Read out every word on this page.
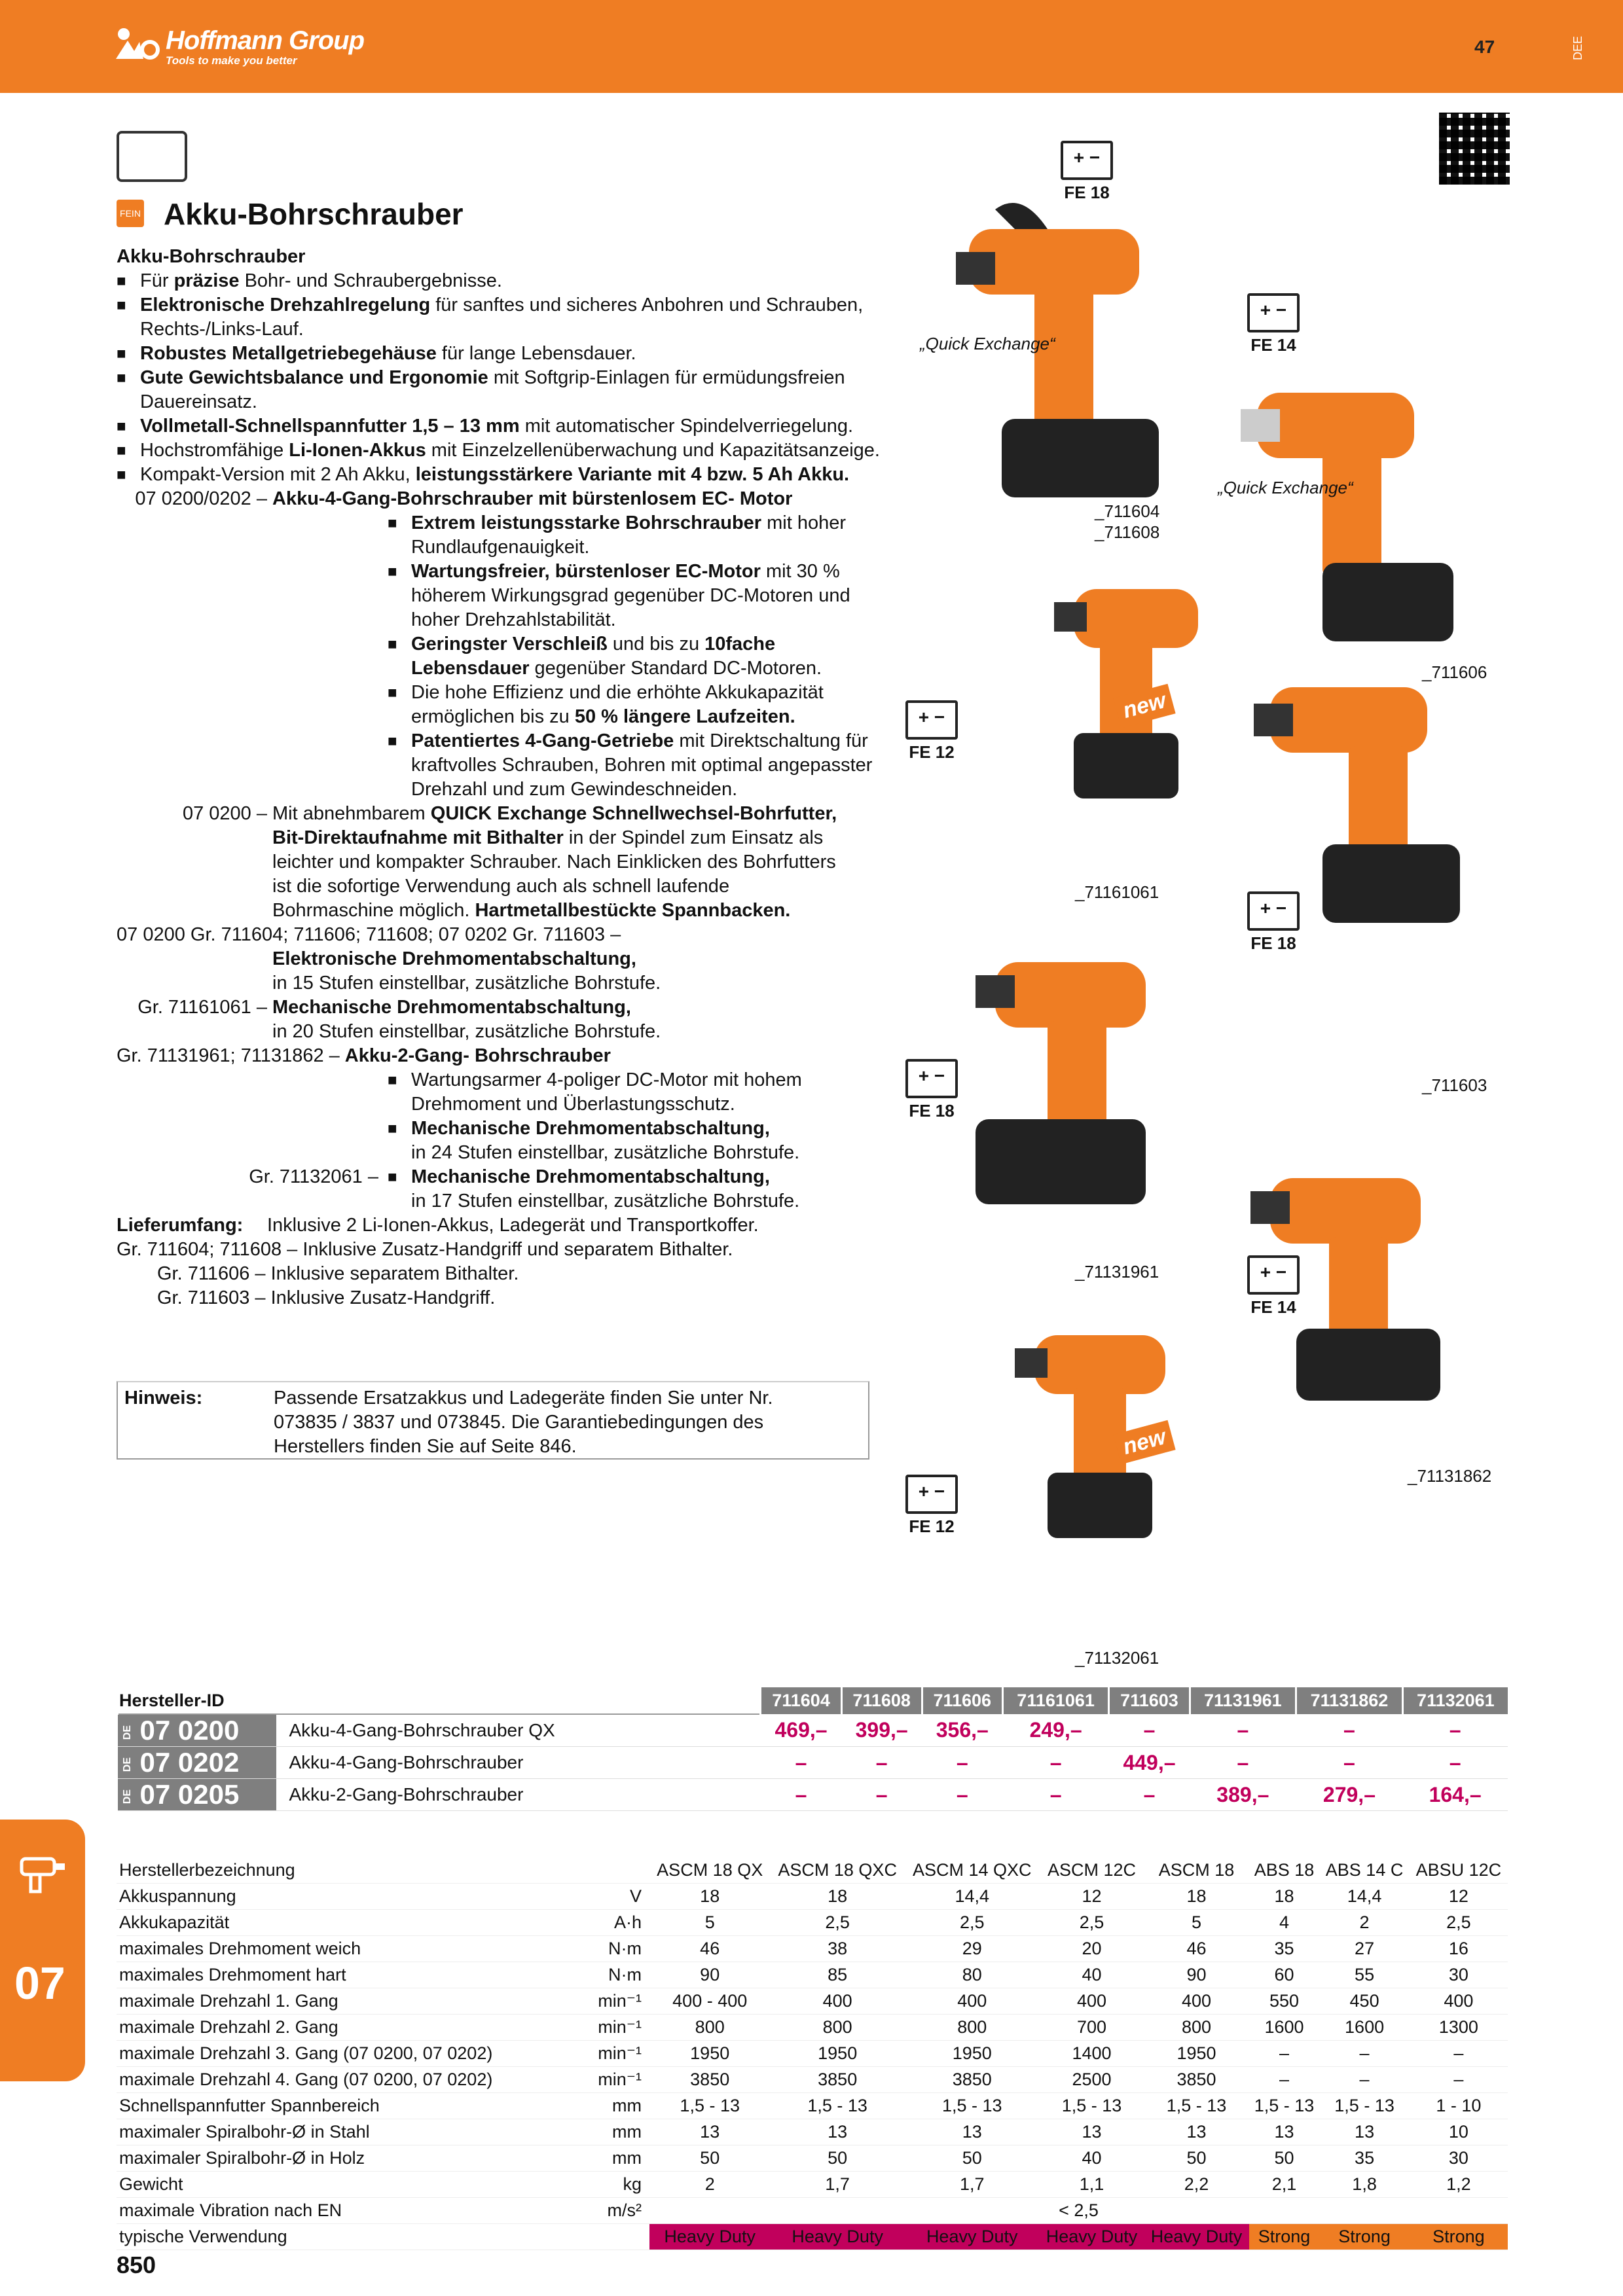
Hoffmann Group
Tools to make you better
47	DEE
07
FEIN Akku-Bohrschrauber
Akku-Bohrschrauber
■ Für präzise Bohr- und Schraubergebnisse.
■ Elektronische Drehzahlregelung für sanftes und sicheres Anbohren und Schrauben, Rechts-/Links-Lauf.
■ Robustes Metallgetriebegehäuse für lange Lebensdauer.
■ Gute Gewichtsbalance und Ergonomie mit Softgrip-Einlagen für ermüdungsfreien Dauereinsatz.
■ Vollmetall-Schnellspannfutter 1,5 – 13 mm mit automatischer Spindelverriegelung.
■ Hochstromfähige Li-Ionen-Akkus mit Einzelzellenüberwachung und Kapazitätsanzeige.
■ Kompakt-Version mit 2 Ah Akku, leistungsstärkere Variante mit 4 bzw. 5 Ah Akku.
07 0200/0202 – Akku-4-Gang-Bohrschrauber mit bürstenlosem EC- Motor
■ Extrem leistungsstarke Bohrschrauber mit hoher Rundlaufgenauigkeit.
■ Wartungsfreier, bürstenloser EC-Motor mit 30 % höherem Wirkungsgrad gegenüber DC-Motoren und hoher Drehzahlstabilität.
■ Geringster Verschleiß und bis zu 10fache Lebensdauer gegenüber Standard DC-Motoren.
■ Die hohe Effizienz und die erhöhte Akkukapazität ermöglichen bis zu 50 % längere Laufzeiten.
■ Patentiertes 4-Gang-Getriebe mit Direktschaltung für kraftvolles Schrauben, Bohren mit optimal angepasster Drehzahl und zum Gewindeschneiden.
07 0200 – Mit abnehmbarem QUICK Exchange Schnellwechsel-Bohrfutter, Bit-Direktaufnahme mit Bithalter in der Spindel zum Einsatz als leichter und kompakter Schrauber. Nach Einklicken des Bohrfutters ist die sofortige Verwendung auch als schnell laufende Bohrmaschine möglich. Hartmetallbestückte Spannbacken.
07 0200 Gr. 711604; 711606; 711608; 07 0202 Gr. 711603 –
Elektronische Drehmomentabschaltung,
in 15 Stufen einstellbar, zusätzliche Bohrstufe.
Gr. 71161061 – Mechanische Drehmomentabschaltung,
in 20 Stufen einstellbar, zusätzliche Bohrstufe.
Gr. 71131961; 71131862 – Akku-2-Gang- Bohrschrauber
■ Wartungsarmer 4-poliger DC-Motor mit hohem Drehmoment und Überlastungsschutz.
■ Mechanische Drehmomentabschaltung,
in 24 Stufen einstellbar, zusätzliche Bohrstufe.
Gr. 71132061 –	■ Mechanische Drehmomentabschaltung,
in 17 Stufen einstellbar, zusätzliche Bohrstufe.
Lieferumfang:	Inklusive 2 Li-Ionen-Akkus, Ladegerät und Transportkoffer.
Gr. 711604; 711608 – Inklusive Zusatz-Handgriff und separatem Bithalter.
Gr. 711606 – Inklusive separatem Bithalter.
Gr. 711603 – Inklusive Zusatz-Handgriff.
Hinweis:	Passende Ersatzakkus und Ladegeräte finden Sie unter Nr. 073835 / 3837 und 073845. Die Garantiebedingungen des Herstellers finden Sie auf Seite 846.
+ −
FE 18
+ −
FE 14
+ −
FE 12
+ −
FE 18
+ −
FE 18
+ −
FE 14
+ −
FE 12
„Quick Exchange“
„Quick Exchange“
new
new
_711604
_711608
_711606
_71161061
_711603
_71131961
_71131862
_71132061
Hersteller-ID		711604	711608	711606	71161061	711603	71131961	71131862	71132061
DE 07 0200	Akku-4-Gang-Bohrschrauber QX	469,–	399,–	356,–	249,–	–	–	–	–
DE 07 0202	Akku-4-Gang-Bohrschrauber	–	–	–	–	449,–	–	–	–
DE 07 0205	Akku-2-Gang-Bohrschrauber	–	–	–	–	–	389,–	279,–	164,–
Herstellerbezeichnung		ASCM 18 QX	ASCM 18 QXC	ASCM 14 QXC	ASCM 12C	ASCM 18	ABS 18	ABS 14 C	ABSU 12C
Akkuspannung	V	18	18	14,4	12	18	18	14,4	12
Akkukapazität	A·h	5	2,5	2,5	2,5	5	4	2	2,5
maximales Drehmoment weich	N·m	46	38	29	20	46	35	27	16
maximales Drehmoment hart	N·m	90	85	80	40	90	60	55	30
maximale Drehzahl 1. Gang	min⁻¹	400 - 400	400	400	400	400	550	450	400
maximale Drehzahl 2. Gang	min⁻¹	800	800	800	700	800	1600	1600	1300
maximale Drehzahl 3. Gang (07 0200, 07 0202)	min⁻¹	1950	1950	1950	1400	1950	–	–	–
maximale Drehzahl 4. Gang (07 0200, 07 0202)	min⁻¹	3850	3850	3850	2500	3850	–	–	–
Schnellspannfutter Spannbereich	mm	1,5 - 13	1,5 - 13	1,5 - 13	1,5 - 13	1,5 - 13	1,5 - 13	1,5 - 13	1 - 10
maximaler Spiralbohr-Ø in Stahl	mm	13	13	13	13	13	13	13	10
maximaler Spiralbohr-Ø in Holz	mm	50	50	50	40	50	50	35	30
Gewicht	kg	2	1,7	1,7	1,1	2,2	2,1	1,8	1,2
maximale Vibration nach EN	m/s²	< 2,5							
typische Verwendung		Heavy Duty	Heavy Duty	Heavy Duty	Heavy Duty	Heavy Duty	Strong	Strong	Strong
850
